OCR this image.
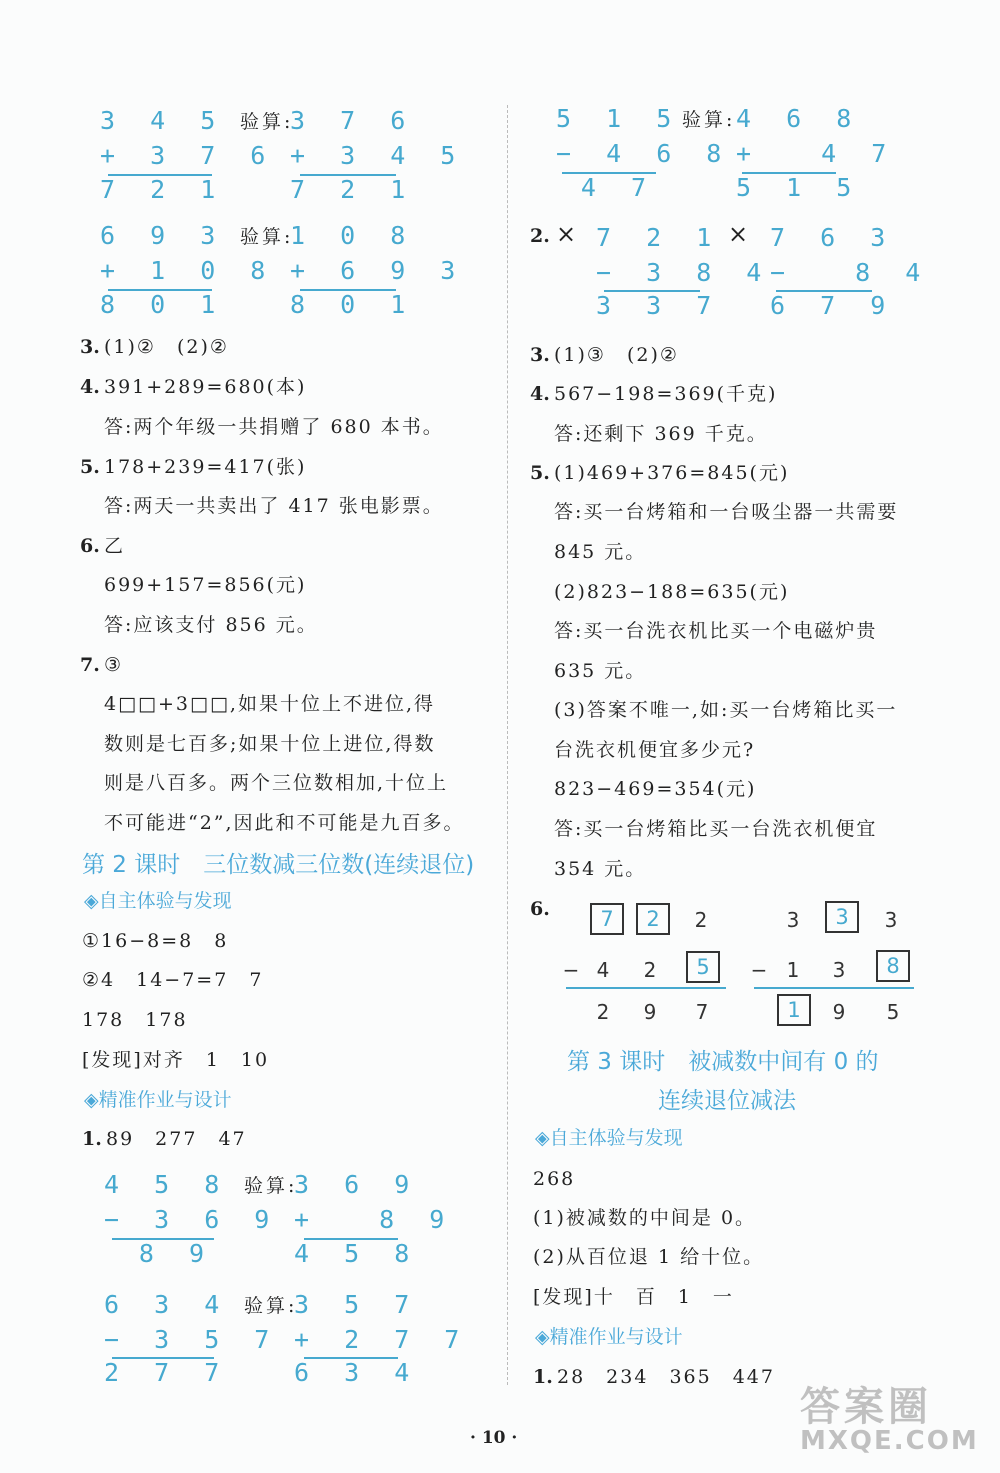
3 4 5
+ 3 7 6
7 2 1
验算:
3 7 6
+ 3 4 5
7 2 1
6 9 3
+ 1 0 8
8 0 1
验算:
1 0 8
+ 6 9 3
8 0 1
3. (1)②　(2)②
4. 391+289=680(本)
答:两个年级一共捐赠了 680 本书。
5. 178+239=417(张)
答:两天一共卖出了 417 张电影票。
6. 乙
699+157=856(元)
答:应该支付 856 元。
7. ③
4□□+3□□,如果十位上不进位,得
数则是七百多;如果十位上进位,得数
则是八百多。两个三位数相加,十位上
不可能进“2”,因此和不可能是九百多。
第 2 课时　三位数减三位数(连续退位)
◈自主体验与发现
①16−8=8　8
②4　14−7=7　7
178　178
[发现]对齐　1　10
◈精准作业与设计
1. 89　277　47
4 5 8
− 3 6 9
8 9
验算:
3 6 9
+　 8 9
4 5 8
6 3 4
− 3 5 7
2 7 7
验算:
3 5 7
+ 2 7 7
6 3 4
5 1 5
− 4 6 8
4 7
验算: 4 6 8
+　 4 7
5 1 5
2. ×	×
7 2 1
− 3 8 4
3 3 7
7 6 3
−　 8 4
6 7 9
3. (1)③　(2)②
4. 567−198=369(千克)
答:还剩下 369 千克。
5. (1)469+376=845(元)
答:买一台烤箱和一台吸尘器一共需要
845 元。
(2)823−188=635(元)
答:买一台洗衣机比买一个电磁炉贵
635 元。
(3)答案不唯一,如:买一台烤箱比买一
台洗衣机便宜多少元?
823−469=354(元)
答:买一台烤箱比买一台洗衣机便宜
354 元。
6.	7	2	2
− 4	2	5
2	9	7
3	3	3
− 1	3	8
1	9	5
第 3 课时　被减数中间有 0 的
连续退位减法
◈自主体验与发现
268
(1)被减数的中间是 0。
(2)从百位退 1 给十位。
[发现]十　百　1　一
◈精准作业与设计
1. 28　234　365　447
· 10 ·
答案圈
MXQE.COM
